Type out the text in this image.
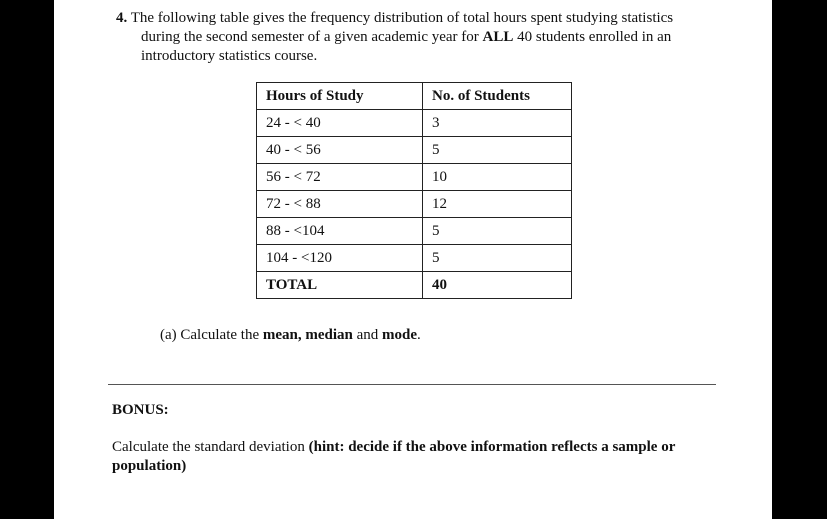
4. The following table gives the frequency distribution of total hours spent studying statistics
during the second semester of a given academic year for ALL 40 students enrolled in an
introductory statistics course.
Hours of Study	No. of Students
24 - < 40	3
40 - < 56	5
56 - < 72	10
72 - < 88	12
88 - <104	5
104 - <120	5
TOTAL	40
(a) Calculate the mean, median and mode.
BONUS:
Calculate the standard deviation (hint: decide if the above information reflects a sample or population)
